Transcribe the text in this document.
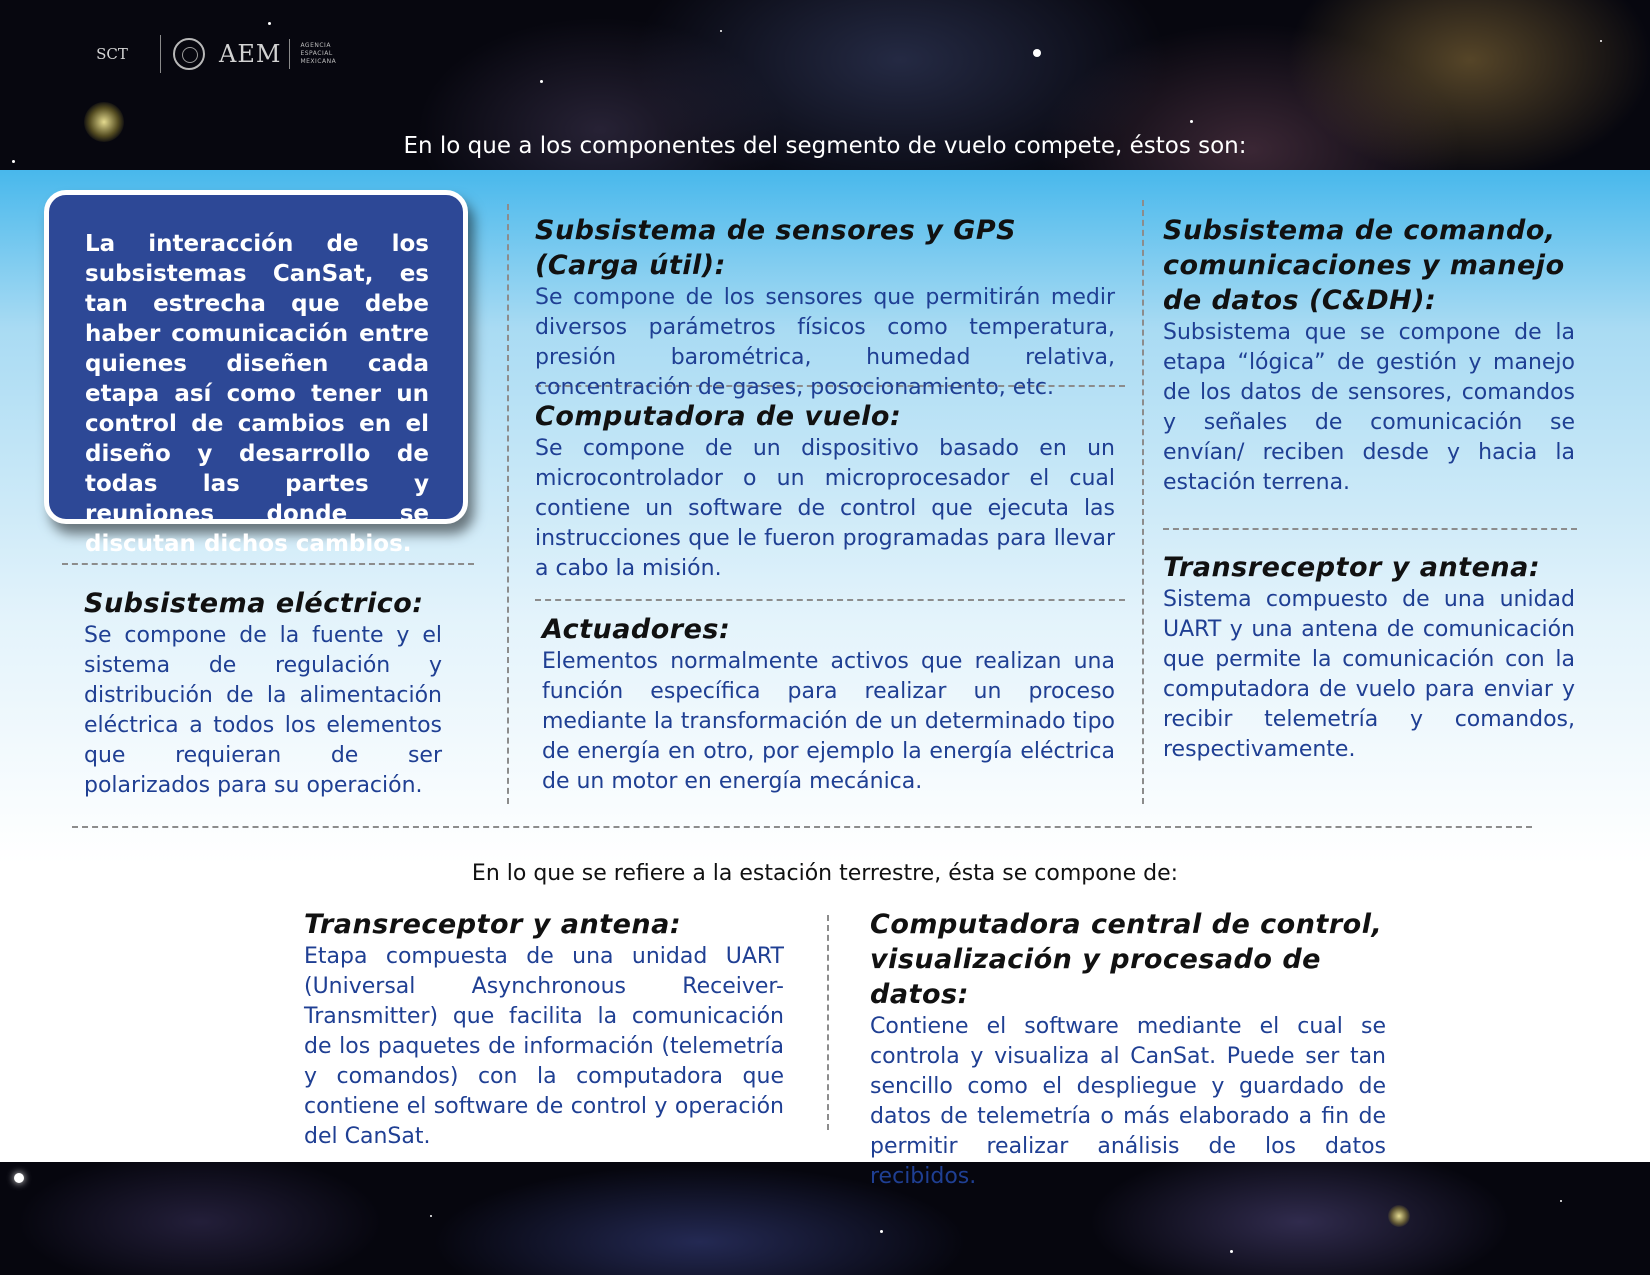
SCT	AEM	AGENCIA
ESPACIAL
MEXICANA
En lo que a los componentes del segmento de vuelo compete, éstos son:
La interacción de los subsistemas CanSat, es tan estrecha que debe haber comunicación entre quienes diseñen cada etapa así como tener un control de cambios en el diseño y desarrollo de todas las partes y reuniones donde se discutan dichos cambios.
Subsistema eléctrico:

Se compone de la fuente y el sistema de regulación y distribución de la alimentación eléctrica a todos los elementos que requieran de ser polarizados para su operación.

Subsistema de sensores y GPS (Carga útil):

Se compone de los sensores que permitirán medir diversos parámetros físicos como temperatura, presión barométrica, humedad relativa, concentración de gases, posocionamiento, etc.

Computadora de vuelo:

Se compone de un dispositivo basado en un microcontrolador o un microprocesador el cual contiene un software de control que ejecuta las instrucciones que le fueron programadas para llevar a cabo la misión.

Actuadores:

Elementos normalmente activos que realizan una función específica para realizar un proceso mediante la transformación de un determinado tipo de energía en otro, por ejemplo la energía eléctrica de un motor en energía mecánica.

Subsistema de comando, comunicaciones y manejo de datos (C&DH):

Subsistema que se compone de la etapa “lógica” de gestión y manejo de los datos de sensores, comandos y señales de comunicación se envían/ reciben desde y hacia la estación terrena.

Transreceptor y antena:

Sistema compuesto de una unidad UART y una antena de comunicación que permite la comunicación con la computadora de vuelo para enviar y recibir telemetría y comandos, respectivamente.

En lo que se refiere a la estación terrestre, ésta se compone de:
Transreceptor y antena:

Etapa compuesta de una unidad UART (Universal Asynchronous Receiver-Transmitter) que facilita la comunicación de los paquetes de información (telemetría y comandos) con la computadora que contiene el software de control y operación del CanSat.

Computadora central de control, visualización y procesado de datos:

Contiene el software mediante el cual se controla y visualiza al CanSat. Puede ser tan sencillo como el despliegue y guardado de datos de telemetría o más elaborado a fin de permitir realizar análisis de los datos recibidos.
